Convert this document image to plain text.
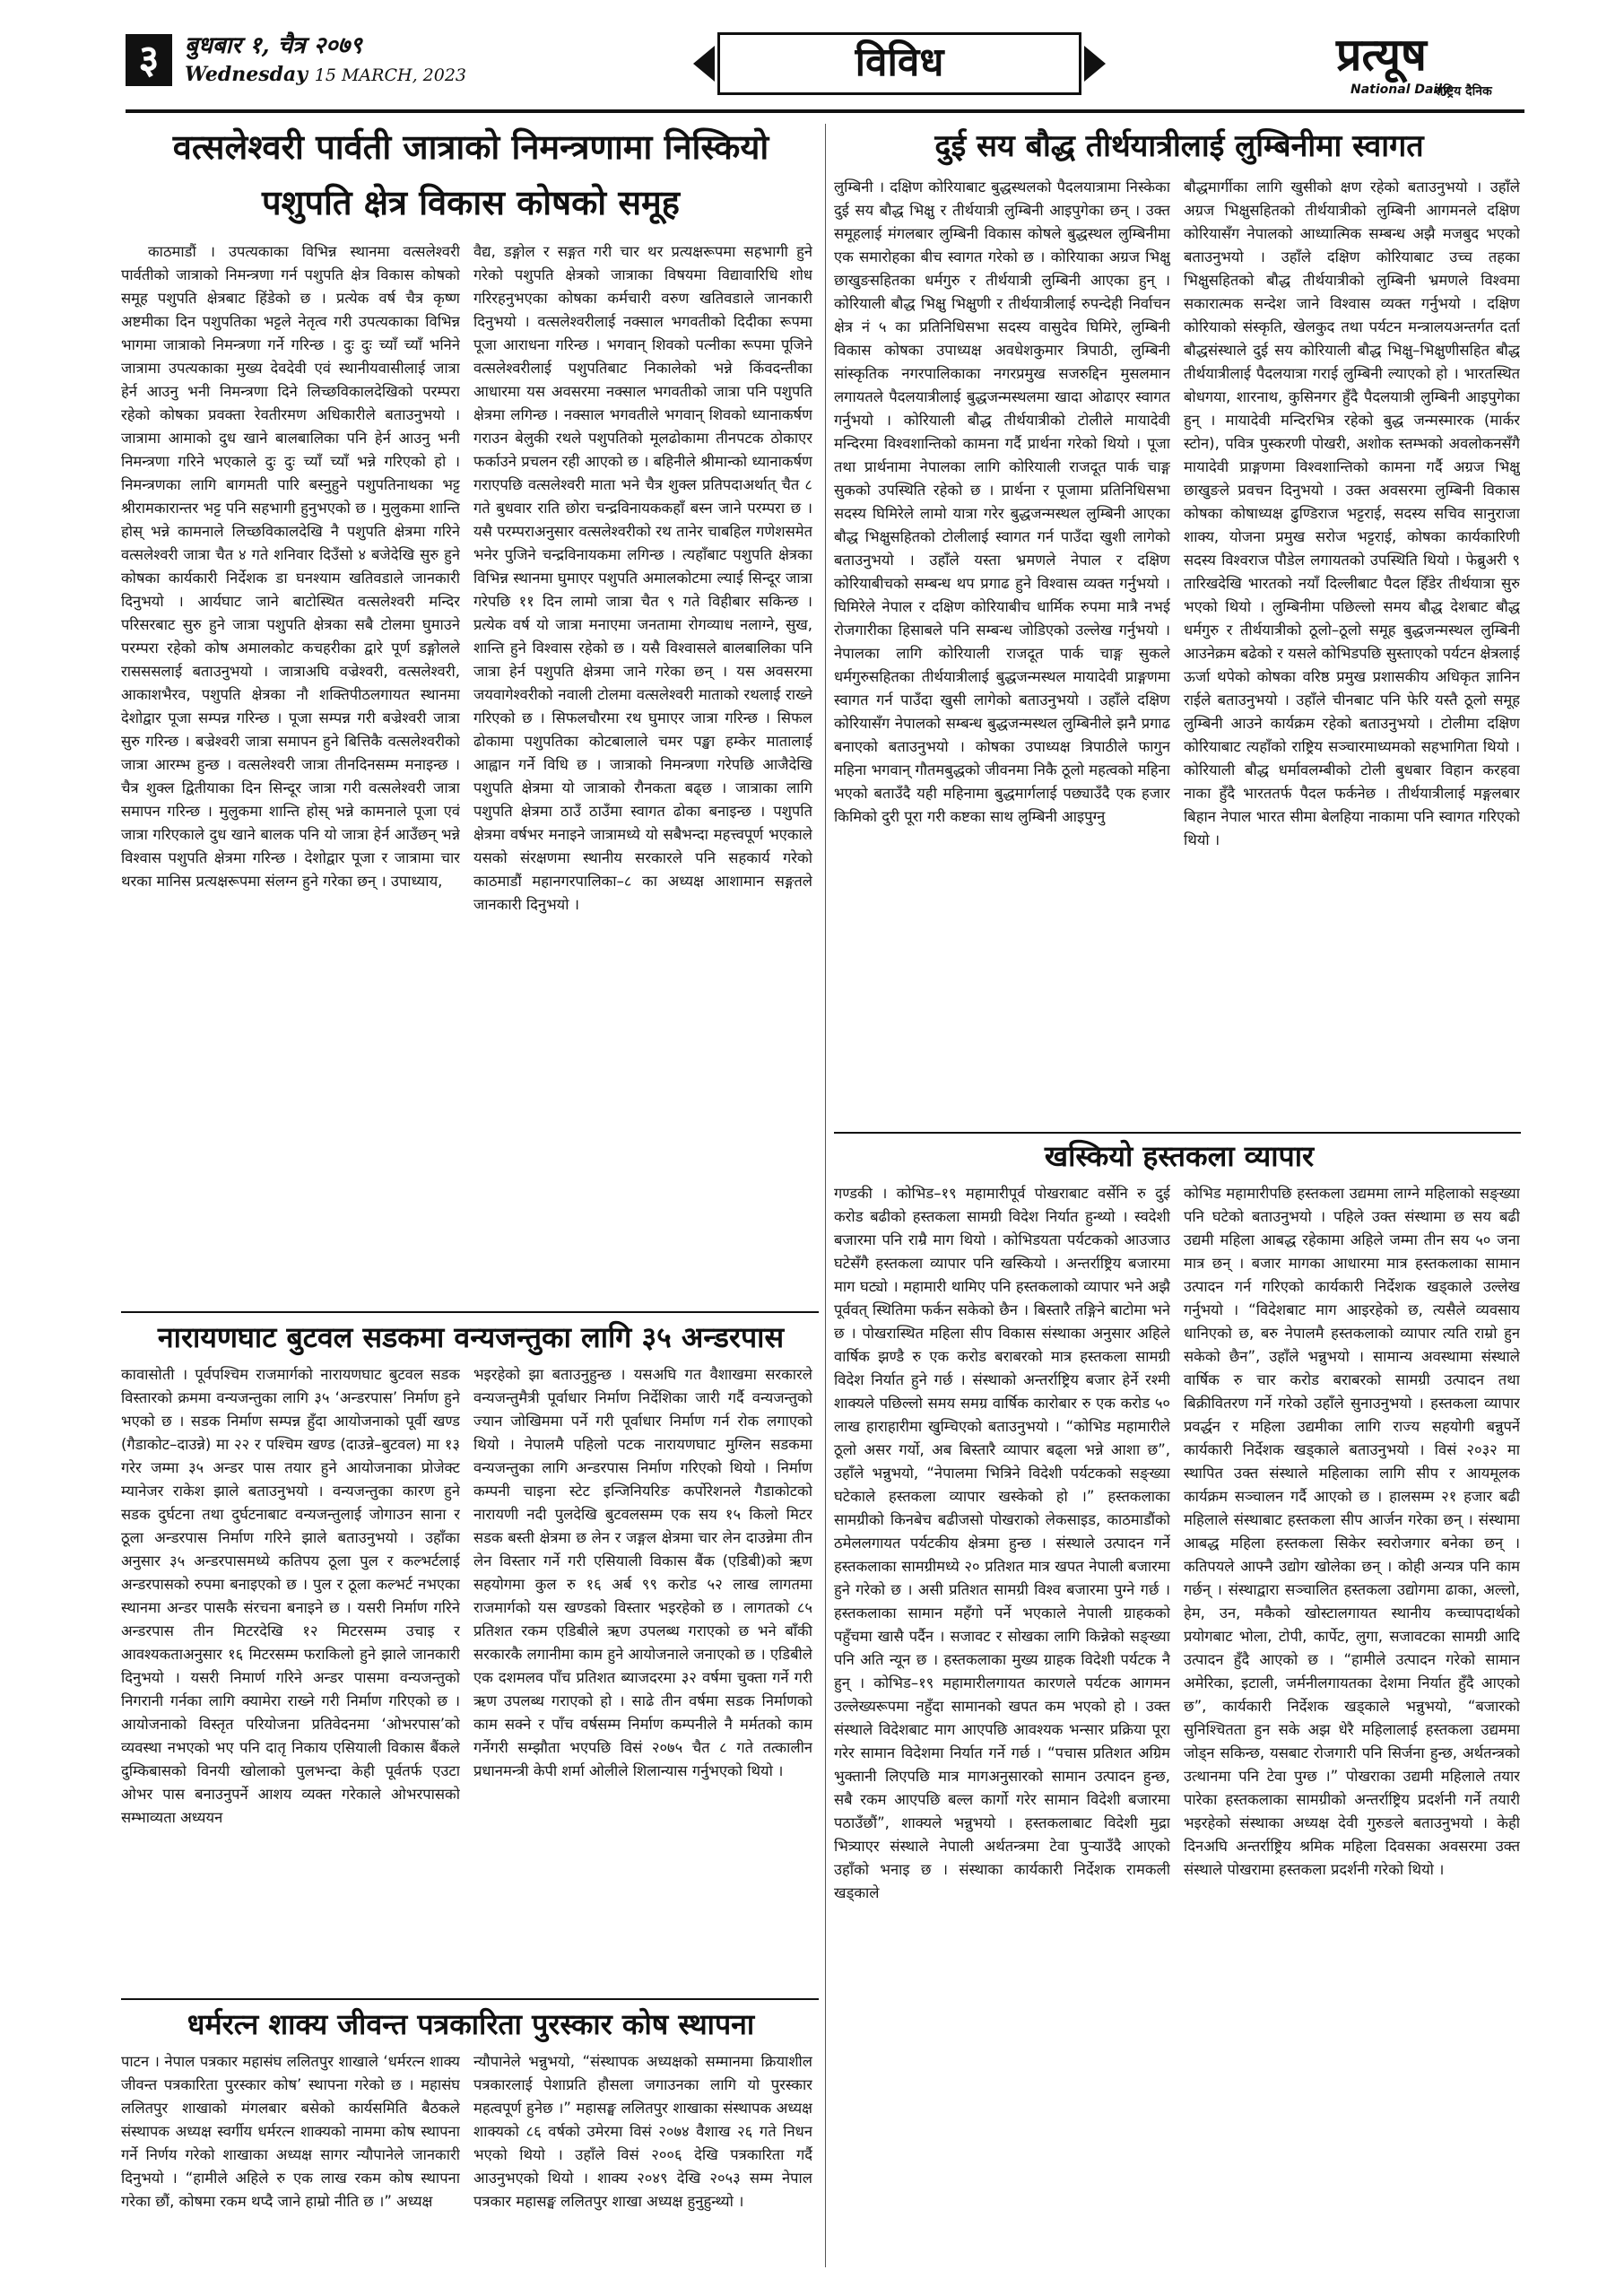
३	बुधबार १, चैत्र २०७९
Wednesday 15 MARCH, 2023	विविध	प्रत्यूष
National Daily
राष्ट्रिय दैनिक
वत्सलेश्वरी पार्वती जात्राको निमन्त्रणामा निस्कियो
पशुपति क्षेत्र विकास कोषको समूह

काठमाडौं । उपत्यकाका विभिन्न स्थानमा वत्सलेश्वरी पार्वतीको जात्राको निमन्त्रणा गर्न पशुपति क्षेत्र विकास कोषको समूह पशुपति क्षेत्रबाट हिंडेको छ । प्रत्येक वर्ष चैत्र कृष्ण अष्टमीका दिन पशुपतिका भट्टले नेतृत्व गरी उपत्यकाका विभिन्न भागमा जात्राको निमन्त्रणा गर्ने गरिन्छ । दुः दुः च्याँ च्याँ भनिने जात्रामा उपत्यकाका मुख्य देवदेवी एवं स्थानीयवासीलाई जात्रा हेर्न आउनु भनी निमन्त्रणा दिने लिच्छविकालदेखिको परम्परा रहेको कोषका प्रवक्ता रेवतीरमण अधिकारीले बताउनुभयो । जात्रामा आमाको दुध खाने बालबालिका पनि हेर्न आउनु भनी निमन्त्रणा गरिने भएकाले दुः दुः च्याँ च्याँ भन्ने गरिएको हो । निमन्त्रणका लागि बागमती पारि बस्नुहुने पशुपतिनाथका भट्ट श्रीरामकारान्तर भट्ट पनि सहभागी हुनुभएको छ । मुलुकमा शान्ति होस् भन्ने कामनाले लिच्छविकालदेखि नै पशुपति क्षेत्रमा गरिने वत्सलेश्वरी जात्रा चैत ४ गते शनिवार दिउँसो ४ बजेदेखि सुरु हुने कोषका कार्यकारी निर्देशक डा घनश्याम खतिवडाले जानकारी दिनुभयो । आर्यघाट जाने बाटोस्थित वत्सलेश्वरी मन्दिर परिसरबाट सुरु हुने जात्रा पशुपति क्षेत्रका सबै टोलमा घुमाउने परम्परा रहेको कोष अमालकोट कचहरीका द्वारे पूर्ण डङ्गोलले रासससलाई बताउनुभयो । जात्राअघि वज्रेश्वरी, वत्सलेश्वरी, आकाशभैरव, पशुपति क्षेत्रका नौ शक्तिपीठलगायत स्थानमा देशोद्वार पूजा सम्पन्न गरिन्छ । पूजा सम्पन्न गरी बज्रेश्वरी जात्रा सुरु गरिन्छ । बज्रेश्वरी जात्रा समापन हुने बित्तिकै वत्सलेश्वरीको जात्रा आरम्भ हुन्छ । वत्सलेश्वरी जात्रा तीनदिनसम्म मनाइन्छ । चैत्र शुक्ल द्वितीयाका दिन सिन्दूर जात्रा गरी वत्सलेश्वरी जात्रा समापन गरिन्छ । मुलुकमा शान्ति होस् भन्ने कामनाले पूजा एवं जात्रा गरिएकाले दुध खाने बालक पनि यो जात्रा हेर्न आउँछन् भन्ने विश्वास पशुपति क्षेत्रमा गरिन्छ । देशोद्वार पूजा र जात्रामा चार थरका मानिस प्रत्यक्षरूपमा संलग्न हुने गरेका छन् । उपाध्याय,

वैद्य, डङ्गोल र सङ्गत गरी चार थर प्रत्यक्षरूपमा सहभागी हुने गरेको पशुपति क्षेत्रको जात्राका विषयमा विद्यावारिधि शोध गरिरहनुभएका कोषका कर्मचारी वरुण खतिवडाले जानकारी दिनुभयो । वत्सलेश्वरीलाई नक्साल भगवतीको दिदीका रूपमा पूजा आराधना गरिन्छ । भगवान् शिवको पत्नीका रूपमा पूजिने वत्सलेश्वरीलाई पशुपतिबाट निकालेको भन्ने किंवदन्तीका आधारमा यस अवसरमा नक्साल भगवतीको जात्रा पनि पशुपति क्षेत्रमा लगिन्छ । नक्साल भगवतीले भगवान् शिवको ध्यानाकर्षण गराउन बेलुकी रथले पशुपतिको मूलढोकामा तीनपटक ठोकाएर फर्काउने प्रचलन रही आएको छ । बहिनीले श्रीमान्को ध्यानाकर्षण गराएपछि वत्सलेश्वरी माता भने चैत्र शुक्ल प्रतिपदाअर्थात् चैत ८ गते बुधवार राति छोरा चन्द्रविनायककहाँ बस्न जाने परम्परा छ । यसै परम्पराअनुसार वत्सलेश्वरीको रथ तानेर चाबहिल गणेशसमेत भनेर पुजिने चन्द्रविनायकमा लगिन्छ । त्यहाँबाट पशुपति क्षेत्रका विभिन्न स्थानमा घुमाएर पशुपति अमालकोटमा ल्याई सिन्दूर जात्रा गरेपछि ११ दिन लामो जात्रा चैत ९ गते विहीबार सकिन्छ । प्रत्येक वर्ष यो जात्रा मनाएमा जनतामा रोगव्याध नलाग्ने, सुख, शान्ति हुने विश्वास रहेको छ । यसै विश्वासले बालबालिका पनि जात्रा हेर्न पशुपति क्षेत्रमा जाने गरेका छन् । यस अवसरमा जयवागेश्वरीको नवाली टोलमा वत्सलेश्वरी माताको रथलाई राख्ने गरिएको छ । सिफलचौरमा रथ घुमाएर जात्रा गरिन्छ । सिफल ढोकामा पशुपतिका कोटबालाले चमर पङ्खा हम्केर मातालाई आह्वान गर्ने विधि छ । जात्राको निमन्त्रणा गरेपछि आजैदेखि पशुपति क्षेत्रमा यो जात्राको रौनकता बढ्छ । जात्राका लागि पशुपति क्षेत्रमा ठाउँ ठाउँमा स्वागत ढोका बनाइन्छ । पशुपति क्षेत्रमा वर्षभर मनाइने जात्रामध्ये यो सबैभन्दा महत्त्वपूर्ण भएकाले यसको संरक्षणमा स्थानीय सरकारले पनि सहकार्य गरेको काठमाडौं महानगरपालिका–८ का अध्यक्ष आशामान सङ्गतले जानकारी दिनुभयो ।

नारायणघाट बुटवल सडकमा वन्यजन्तुका लागि ३५ अन्डरपास

कावासोती । पूर्वपश्चिम राजमार्गको नारायणघाट बुटवल सडक विस्तारको क्रममा वन्यजन्तुका लागि ३५ ‘अन्डरपास’ निर्माण हुने भएको छ । सडक निर्माण सम्पन्न हुँदा आयोजनाको पूर्वी खण्ड (गैडाकोट–दाउन्ने) मा २२ र पश्चिम खण्ड (दाउन्ने–बुटवल) मा १३ गरेर जम्मा ३५ अन्डर पास तयार हुने आयोजनाका प्रोजेक्ट म्यानेजर राकेश झाले बताउनुभयो । वन्यजन्तुका कारण हुने सडक दुर्घटना तथा दुर्घटनाबाट वन्यजन्तुलाई जोगाउन साना र ठूला अन्डरपास निर्माण गरिने झाले बताउनुभयो । उहाँका अनुसार ३५ अन्डरपासमध्ये कतिपय ठूला पुल र कल्भर्टलाई अन्डरपासको रुपमा बनाइएको छ । पुल र ठूला कल्भर्ट नभएका स्थानमा अन्डर पासकै संरचना बनाइने छ । यसरी निर्माण गरिने अन्डरपास तीन मिटरदेखि १२ मिटरसम्म उचाइ र आवश्यकताअनुसार १६ मिटरसम्म फराकिलो हुने झाले जानकारी दिनुभयो । यसरी निमार्ण गरिने अन्डर पासमा वन्यजन्तुको निगरानी गर्नका लागि क्यामेरा राख्ने गरी निर्माण गरिएको छ । आयोजनाको विस्तृत परियोजना प्रतिवेदनमा ‘ओभरपास’को व्यवस्था नभएको भए पनि दातृ निकाय एसियाली विकास बैंकले दुम्किबासको विनयी खोलाको पुलभन्दा केही पूर्वतर्फ एउटा ओभर पास बनाउनुपर्ने आशय व्यक्त गरेकाले ओभरपासको सम्भाव्यता अध्ययन

भइरहेको झा बताउनुहुन्छ । यसअघि गत वैशाखमा सरकारले वन्यजन्तुमैत्री पूर्वाधार निर्माण निर्देशिका जारी गर्दै वन्यजन्तुको ज्यान जोखिममा पर्ने गरी पूर्वाधार निर्माण गर्न रोक लगाएको थियो । नेपालमै पहिलो पटक नारायणघाट मुग्लिन सडकमा वन्यजन्तुका लागि अन्डरपास निर्माण गरिएको थियो । निर्माण कम्पनी चाइना स्टेट इन्जिनियरिङ कर्पोरेशनले गैडाकोटको नारायणी नदी पुलदेखि बुटवलसम्म एक सय १५ किलो मिटर सडक बस्ती क्षेत्रमा छ लेन र जङ्गल क्षेत्रमा चार लेन दाउन्नेमा तीन लेन विस्तार गर्ने गरी एसियाली विकास बैंक (एडिबी)को ऋण सहयोगमा कुल रु १६ अर्ब ९९ करोड ५२ लाख लागतमा राजमार्गको यस खण्डको विस्तार भइरहेको छ । लागतको ८५ प्रतिशत रकम एडिबीले ऋण उपलब्ध गराएको छ भने बाँकी सरकारकै लगानीमा काम हुने आयोजनाले जनाएको छ । एडिबीले एक दशमलव पाँच प्रतिशत ब्याजदरमा ३२ वर्षमा चुक्ता गर्ने गरी ऋण उपलब्ध गराएको हो । साढे तीन वर्षमा सडक निर्माणको काम सक्ने र पाँच वर्षसम्म निर्माण कम्पनीले नै मर्मतको काम गर्नेगरी सम्झौता भएपछि विसं २०७५ चैत ८ गते तत्कालीन प्रधानमन्त्री केपी शर्मा ओलीले शिलान्यास गर्नुभएको थियो ।

धर्मरत्न शाक्य जीवन्त पत्रकारिता पुरस्कार कोष स्थापना

पाटन । नेपाल पत्रकार महासंघ ललितपुर शाखाले ‘धर्मरत्न शाक्य जीवन्त पत्रकारिता पुरस्कार कोष’ स्थापना गरेको छ । महासंघ ललितपुर शाखाको मंगलबार बसेको कार्यसमिति बैठकले संस्थापक अध्यक्ष स्वर्गीय धर्मरत्न शाक्यको नाममा कोष स्थापना गर्ने निर्णय गरेको शाखाका अध्यक्ष सागर न्यौपानेले जानकारी दिनुभयो । “हामीले अहिले रु एक लाख रकम कोष स्थापना गरेका छौं, कोषमा रकम थप्दै जाने हाम्रो नीति छ ।” अध्यक्ष

न्यौपानेले भन्नुभयो, “संस्थापक अध्यक्षको सम्मानमा क्रियाशील पत्रकारलाई पेशाप्रति हौसला जगाउनका लागि यो पुरस्कार महत्वपूर्ण हुनेछ ।” महासङ्घ ललितपुर शाखाका संस्थापक अध्यक्ष शाक्यको ८६ वर्षको उमेरमा विसं २०७४ वैशाख २६ गते निधन भएको थियो । उहाँले विसं २००६ देखि पत्रकारिता गर्दै आउनुभएको थियो । शाक्य २०४९ देखि २०५३ सम्म नेपाल पत्रकार महासङ्घ ललितपुर शाखा अध्यक्ष हुनुहुन्थ्यो ।

दुई सय बौद्ध तीर्थयात्रीलाई लुम्बिनीमा स्वागत

लुम्बिनी । दक्षिण कोरियाबाट बुद्धस्थलको पैदलयात्रामा निस्केका दुई सय बौद्ध भिक्षु र तीर्थयात्री लुम्बिनी आइपुगेका छन् । उक्त समूहलाई मंगलबार लुम्बिनी विकास कोषले बुद्धस्थल लुम्बिनीमा एक समारोहका बीच स्वागत गरेको छ । कोरियाका अग्रज भिक्षु छाखुङसहितका धर्मगुरु र तीर्थयात्री लुम्बिनी आएका हुन् । कोरियाली बौद्ध भिक्षु भिक्षुणी र तीर्थयात्रीलाई रुपन्देही निर्वाचन क्षेत्र नं ५ का प्रतिनिधिसभा सदस्य वासुदेव घिमिरे, लुम्बिनी विकास कोषका उपाध्यक्ष अवधेशकुमार त्रिपाठी, लुम्बिनी सांस्कृतिक नगरपालिकाका नगरप्रमुख सजरुद्दिन मुसलमान लगायतले पैदलयात्रीलाई बुद्धजन्मस्थलमा खादा ओढाएर स्वागत गर्नुभयो । कोरियाली बौद्ध तीर्थयात्रीको टोलीले मायादेवी मन्दिरमा विश्वशान्तिको कामना गर्दै प्रार्थना गरेको थियो । पूजा तथा प्रार्थनामा नेपालका लागि कोरियाली राजदूत पार्क चाङ्ग सुकको उपस्थिति रहेको छ । प्रार्थना र पूजामा प्रतिनिधिसभा सदस्य घिमिरेले लामो यात्रा गरेर बुद्धजन्मस्थल लुम्बिनी आएका बौद्ध भिक्षुसहितको टोलीलाई स्वागत गर्न पाउँदा खुशी लागेको बताउनुभयो । उहाँले यस्ता भ्रमणले नेपाल र दक्षिण कोरियाबीचको सम्बन्ध थप प्रगाढ हुने विश्वास व्यक्त गर्नुभयो । घिमिरेले नेपाल र दक्षिण कोरियाबीच धार्मिक रुपमा मात्रै नभई रोजगारीका हिसाबले पनि सम्बन्ध जोडिएको उल्लेख गर्नुभयो । नेपालका लागि कोरियाली राजदूत पार्क चाङ्ग सुकले धर्मगुरुसहितका तीर्थयात्रीलाई बुद्धजन्मस्थल मायादेवी प्राङ्गणमा स्वागत गर्न पाउँदा खुसी लागेको बताउनुभयो । उहाँले दक्षिण कोरियासँग नेपालको सम्बन्ध बुद्धजन्मस्थल लुम्बिनीले झनै प्रगाढ बनाएको बताउनुभयो । कोषका उपाध्यक्ष त्रिपाठीले फागुन महिना भगवान् गौतमबुद्धको जीवनमा निकै ठूलो महत्वको महिना भएको बताउँदै यही महिनामा बुद्धमार्गलाई पछ्याउँदै एक हजार किमिको दुरी पूरा गरी कष्टका साथ लुम्बिनी आइपुग्नु

बौद्धमार्गीका लागि खुसीको क्षण रहेको बताउनुभयो । उहाँले अग्रज भिक्षुसहितको तीर्थयात्रीको लुम्बिनी आगमनले दक्षिण कोरियासँग नेपालको आध्यात्मिक सम्बन्ध अझै मजबुद भएको बताउनुभयो । उहाँले दक्षिण कोरियाबाट उच्च तहका भिक्षुसहितको बौद्ध तीर्थयात्रीको लुम्बिनी भ्रमणले विश्वमा सकारात्मक सन्देश जाने विश्वास व्यक्त गर्नुभयो । दक्षिण कोरियाको संस्कृति, खेलकुद तथा पर्यटन मन्त्रालयअन्तर्गत दर्ता बौद्धसंस्थाले दुई सय कोरियाली बौद्ध भिक्षु–भिक्षुणीसहित बौद्ध तीर्थयात्रीलाई पैदलयात्रा गराई लुम्बिनी ल्याएको हो । भारतस्थित बोधगया, शारनाथ, कुसिनगर हुँदै पैदलयात्री लुम्बिनी आइपुगेका हुन् । मायादेवी मन्दिरभित्र रहेको बुद्ध जन्मस्मारक (मार्कर स्टोन), पवित्र पुस्करणी पोखरी, अशोक स्तम्भको अवलोकनसँगै मायादेवी प्राङ्गणमा विश्वशान्तिको कामना गर्दै अग्रज भिक्षु छाखुङले प्रवचन दिनुभयो । उक्त अवसरमा लुम्बिनी विकास कोषका कोषाध्यक्ष ढुण्डिराज भट्टराई, सदस्य सचिव सानुराजा शाक्य, योजना प्रमुख सरोज भट्टराई, कोषका कार्यकारिणी सदस्य विश्वराज पौडेल लगायतको उपस्थिति थियो । फेब्रुअरी ९ तारिखदेखि भारतको नयाँ दिल्लीबाट पैदल हिँडेर तीर्थयात्रा सुरु भएको थियो । लुम्बिनीमा पछिल्लो समय बौद्ध देशबाट बौद्ध धर्मगुरु र तीर्थयात्रीको ठूलो–ठूलो समूह बुद्धजन्मस्थल लुम्बिनी आउनेक्रम बढेको र यसले कोभिडपछि सुस्ताएको पर्यटन क्षेत्रलाई ऊर्जा थपेको कोषका वरिष्ठ प्रमुख प्रशासकीय अधिकृत ज्ञानिन राईले बताउनुभयो । उहाँले चीनबाट पनि फेरि यस्तै ठूलो समूह लुम्बिनी आउने कार्यक्रम रहेको बताउनुभयो । टोलीमा दक्षिण कोरियाबाट त्यहाँको राष्ट्रिय सञ्चारमाध्यमको सहभागिता थियो । कोरियाली बौद्ध धर्मावलम्बीको टोली बुधबार विहान करहवा नाका हुँदै भारततर्फ पैदल फर्कनेछ । तीर्थयात्रीलाई मङ्गलबार बिहान नेपाल भारत सीमा बेलहिया नाकामा पनि स्वागत गरिएको थियो ।

खस्कियो हस्तकला व्यापार

गण्डकी । कोभिड–१९ महामारीपूर्व पोखराबाट वर्सेनि रु दुई करोड बढीको हस्तकला सामग्री विदेश निर्यात हुन्थ्यो । स्वदेशी बजारमा पनि राम्रै माग थियो । कोभिडयता पर्यटकको आउजाउ घटेसँगै हस्तकला व्यापार पनि खस्कियो । अन्तर्राष्ट्रिय बजारमा माग घट्यो । महामारी थामिए पनि हस्तकलाको व्यापार भने अझै पूर्ववत् स्थितिमा फर्कन सकेको छैन । बिस्तारै तङ्गिने बाटोमा भने छ । पोखरास्थित महिला सीप विकास संस्थाका अनुसार अहिले वार्षिक झण्डै रु एक करोड बराबरको मात्र हस्तकला सामग्री विदेश निर्यात हुने गर्छ । संस्थाको अन्तर्राष्ट्रिय बजार हेर्ने रश्मी शाक्यले पछिल्लो समय समग्र वार्षिक कारोबार रु एक करोड ५० लाख हाराहारीमा खुम्चिएको बताउनुभयो । “कोभिड महामारीले ठूलो असर गर्यो, अब बिस्तारै व्यापार बढ्ला भन्ने आशा छ”, उहाँले भन्नुभयो, “नेपालमा भित्रिने विदेशी पर्यटकको सङ्ख्या घटेकाले हस्तकला व्यापार खस्केको हो ।” हस्तकलाका सामग्रीको किनबेच बढीजसो पोखराको लेकसाइड, काठमाडौंको ठमेललगायत पर्यटकीय क्षेत्रमा हुन्छ । संस्थाले उत्पादन गर्ने हस्तकलाका सामग्रीमध्ये २० प्रतिशत मात्र खपत नेपाली बजारमा हुने गरेको छ । असी प्रतिशत सामग्री विश्व बजारमा पुग्ने गर्छ । हस्तकलाका सामान महँगो पर्ने भएकाले नेपाली ग्राहकको पहुँचमा खासै पर्दैन । सजावट र सोखका लागि किन्नेको सङ्ख्या पनि अति न्यून छ । हस्तकलाका मुख्य ग्राहक विदेशी पर्यटक नै हुन् । कोभिड–१९ महामारीलगायत कारणले पर्यटक आगमन उल्लेख्यरूपमा नहुँदा सामानको खपत कम भएको हो । उक्त संस्थाले विदेशबाट माग आएपछि आवश्यक भन्सार प्रक्रिया पूरा गरेर सामान विदेशमा निर्यात गर्ने गर्छ । “पचास प्रतिशत अग्रिम भुक्तानी लिएपछि मात्र मागअनुसारको सामान उत्पादन हुन्छ, सबै रकम आएपछि बल्ल कार्गो गरेर सामान विदेशी बजारमा पठाउँछौं”, शाक्यले भन्नुभयो । हस्तकलाबाट विदेशी मुद्रा भित्र्याएर संस्थाले नेपाली अर्थतन्त्रमा टेवा पुऱ्याउँदै आएको उहाँको भनाइ छ । संस्थाका कार्यकारी निर्देशक रामकली खड्काले

कोभिड महामारीपछि हस्तकला उद्यममा लाग्ने महिलाको सङ्ख्या पनि घटेको बताउनुभयो । पहिले उक्त संस्थामा छ सय बढी उद्यमी महिला आबद्ध रहेकामा अहिले जम्मा तीन सय ५० जना मात्र छन् । बजार मागका आधारमा मात्र हस्तकलाका सामान उत्पादन गर्न गरिएको कार्यकारी निर्देशक खड्काले उल्लेख गर्नुभयो । “विदेशबाट माग आइरहेको छ, त्यसैले व्यवसाय धानिएको छ, बरु नेपालमै हस्तकलाको व्यापार त्यति राम्रो हुन सकेको छैन”, उहाँले भन्नुभयो । सामान्य अवस्थामा संस्थाले वार्षिक रु चार करोड बराबरको सामग्री उत्पादन तथा बिक्रीवितरण गर्ने गरेको उहाँले सुनाउनुभयो । हस्तकला व्यापार प्रवर्द्धन र महिला उद्यमीका लागि राज्य सहयोगी बन्नुपर्ने कार्यकारी निर्देशक खड्काले बताउनुभयो । विसं २०३२ मा स्थापित उक्त संस्थाले महिलाका लागि सीप र आयमूलक कार्यक्रम सञ्चालन गर्दै आएको छ । हालसम्म २१ हजार बढी महिलाले संस्थाबाट हस्तकला सीप आर्जन गरेका छन् । संस्थामा आबद्ध महिला हस्तकला सिकेर स्वरोजगार बनेका छन् । कतिपयले आफ्नै उद्योग खोलेका छन् । कोही अन्यत्र पनि काम गर्छन् । संस्थाद्वारा सञ्चालित हस्तकला उद्योगमा ढाका, अल्लो, हेम, उन, मकैको खोस्टालगायत स्थानीय कच्चापदार्थको प्रयोगबाट भोला, टोपी, कार्पेट, लुगा, सजावटका सामग्री आदि उत्पादन हुँदै आएको छ । “हामीले उत्पादन गरेको सामान अमेरिका, इटाली, जर्मनीलगायतका देशमा निर्यात हुँदै आएको छ”, कार्यकारी निर्देशक खड्काले भन्नुभयो, “बजारको सुनिश्चितता हुन सके अझ धेरै महिलालाई हस्तकला उद्यममा जोड्न सकिन्छ, यसबाट रोजगारी पनि सिर्जना हुन्छ, अर्थतन्त्रको उत्थानमा पनि टेवा पुग्छ ।” पोखराका उद्यमी महिलाले तयार पारेका हस्तकलाका सामग्रीको अन्तर्राष्ट्रिय प्रदर्शनी गर्ने तयारी भइरहेको संस्थाका अध्यक्ष देवी गुरुङले बताउनुभयो । केही दिनअघि अन्तर्राष्ट्रिय श्रमिक महिला दिवसका अवसरमा उक्त संस्थाले पोखरामा हस्तकला प्रदर्शनी गरेको थियो ।
